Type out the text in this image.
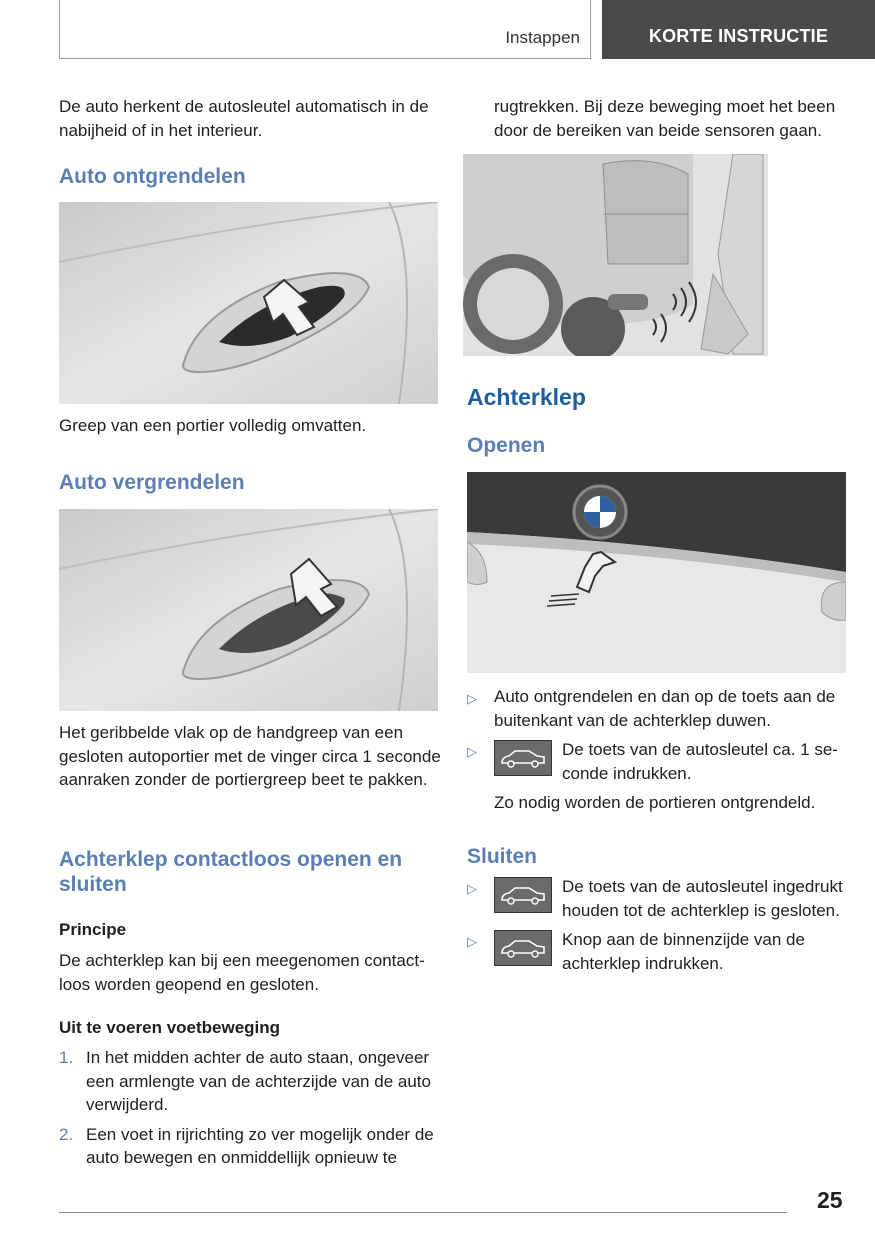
Instappen	KORTE INSTRUCTIE
De auto herkent de autosleutel automatisch in de nabijheid of in het interieur.
Auto ontgrendelen
Greep van een portier volledig omvatten.
Auto vergrendelen
Het geribbelde vlak op de handgreep van een gesloten autoportier met de vinger circa 1 seconde aanraken zonder de portiergreep beet te pakken.
Achterklep contactloos openen en sluiten
Principe
De achterklep kan bij een meegenomen contactloos worden geopend en gesloten.
Uit te voeren voetbeweging
1. In het midden achter de auto staan, ongeveer een armlengte van de achterzijde van de auto verwijderd.
2. Een voet in rijrichting zo ver mogelijk onder de auto bewegen en onmiddellijk opnieuw te
rugtrekken. Bij deze beweging moet het been door de bereiken van beide sensoren gaan.
Achterklep
Openen
▷	Auto ontgrendelen en dan op de toets aan de buitenkant van de achterklep duwen.
▷	De toets van de autosleutel ca. 1 seconde indrukken.
Zo nodig worden de portieren ontgrendeld.
Sluiten
▷	De toets van de autosleutel ingedrukt houden tot de achterklep is gesloten.
▷	Knop aan de binnenzijde van de achterklep indrukken.
25
